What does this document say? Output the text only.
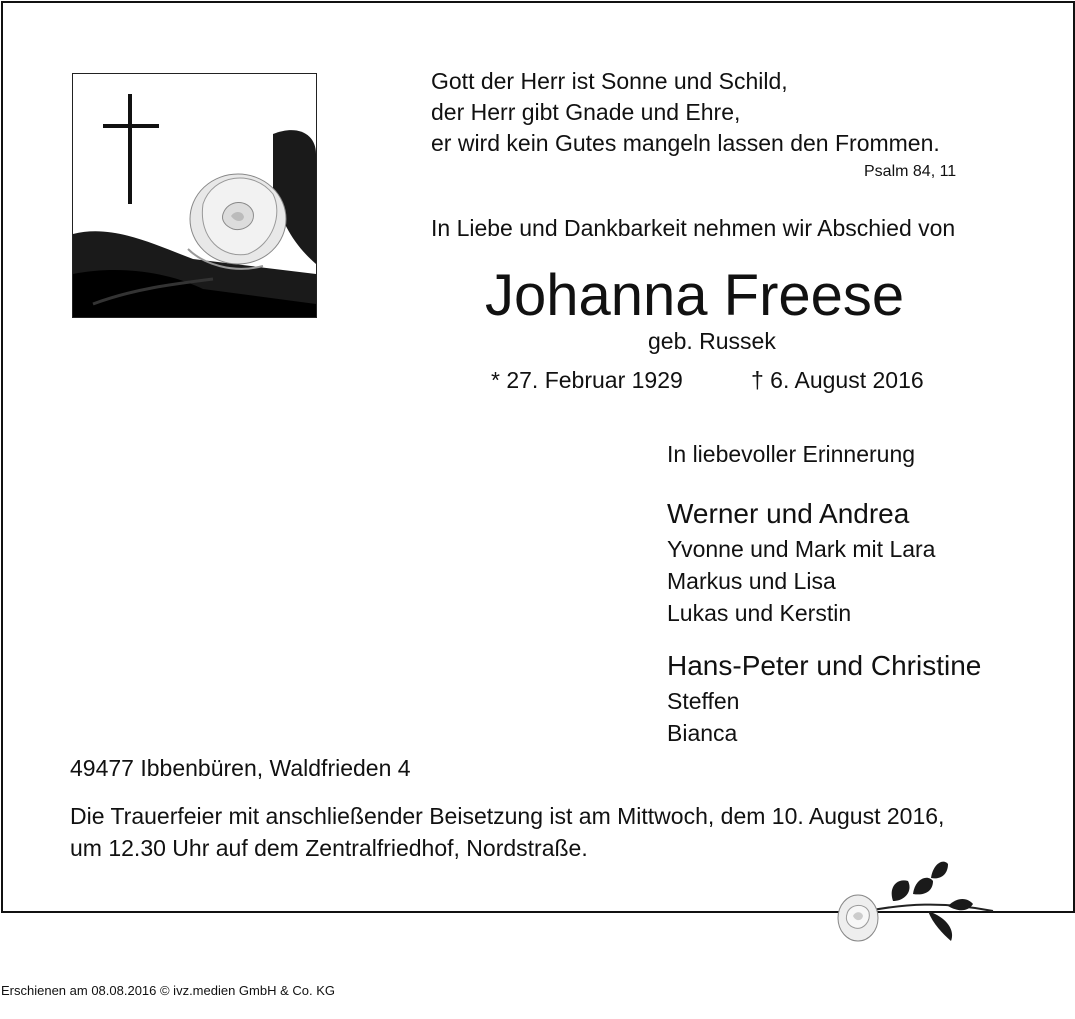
Gott der Herr ist Sonne und Schild,
der Herr gibt Gnade und Ehre,
er wird kein Gutes mangeln lassen den Frommen.
Psalm 84, 11
In Liebe und Dankbarkeit nehmen wir Abschied von
Johanna Freese
geb. Russek
* 27. Februar 1929	† 6. August 2016
In liebevoller Erinnerung
Werner und Andrea
Yvonne und Mark mit Lara
Markus und Lisa
Lukas und Kerstin
Hans-Peter und Christine
Steffen
Bianca
49477 Ibbenbüren, Waldfrieden 4
Die Trauerfeier mit anschließender Beisetzung ist am Mittwoch, dem 10. August 2016,
um 12.30 Uhr auf dem Zentralfriedhof, Nordstraße.
Erschienen am 08.08.2016 © ivz.medien GmbH & Co. KG
